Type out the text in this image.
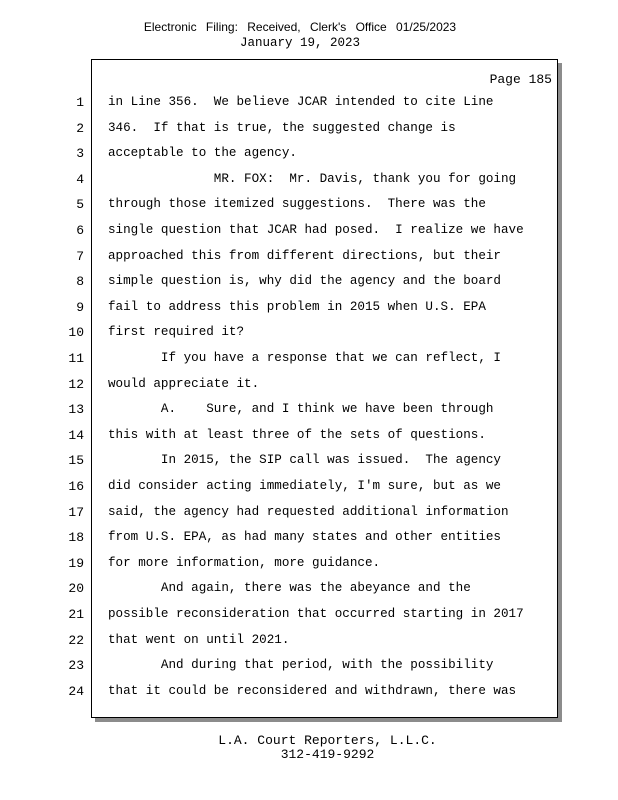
Electronic Filing: Received, Clerk's Office 01/25/2023
January 19, 2023
Page 185
1 in Line 356.  We believe JCAR intended to cite Line
2 346.  If that is true, the suggested change is
3 acceptable to the agency.
4 MR. FOX:  Mr. Davis, thank you for going
5 through those itemized suggestions.  There was the
6 single question that JCAR had posed.  I realize we have
7 approached this from different directions, but their
8 simple question is, why did the agency and the board
9 fail to address this problem in 2015 when U.S. EPA
10 first required it?
11 If you have a response that we can reflect, I
12 would appreciate it.
13 A.    Sure, and I think we have been through
14 this with at least three of the sets of questions.
15 In 2015, the SIP call was issued.  The agency
16 did consider acting immediately, I'm sure, but as we
17 said, the agency had requested additional information
18 from U.S. EPA, as had many states and other entities
19 for more information, more guidance.
20 And again, there was the abeyance and the
21 possible reconsideration that occurred starting in 2017
22 that went on until 2021.
23 And during that period, with the possibility
24 that it could be reconsidered and withdrawn, there was
L.A. Court Reporters, L.L.C.
312-419-9292
